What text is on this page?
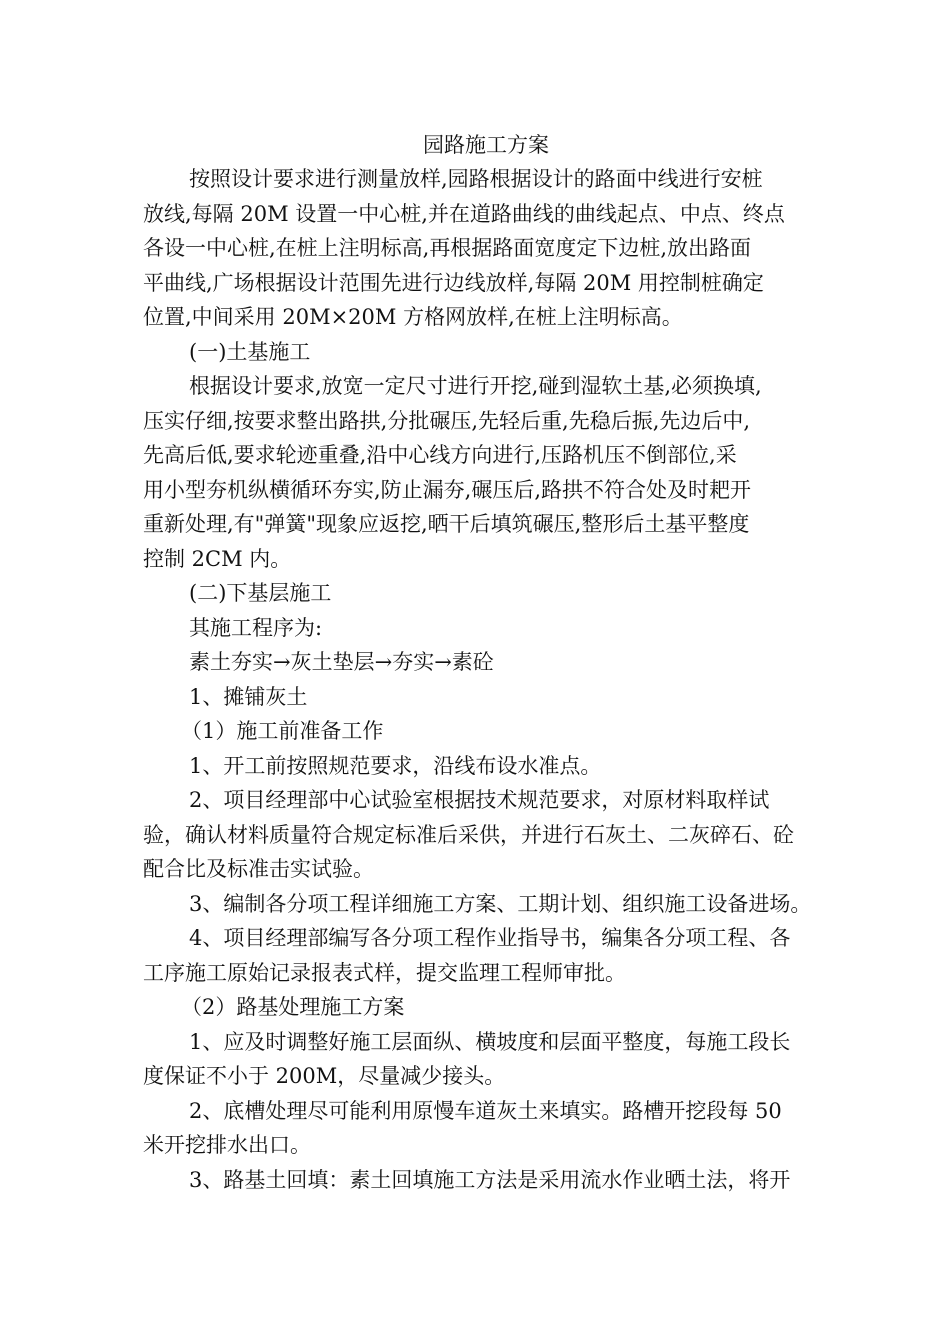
园路施工方案

按照设计要求进行测量放样,园路根据设计的路面中线进行安桩

放线,每隔 20M 设置一中心桩,并在道路曲线的曲线起点、中点、终点

各设一中心桩,在桩上注明标高,再根据路面宽度定下边桩,放出路面

平曲线,广场根据设计范围先进行边线放样,每隔 20M 用控制桩确定

位置,中间采用 20M×20M 方格网放样,在桩上注明标高。

(一)土基施工

根据设计要求,放宽一定尺寸进行开挖,碰到湿软土基,必须换填,

压实仔细,按要求整出路拱,分批碾压,先轻后重,先稳后振,先边后中,

先高后低,要求轮迹重叠,沿中心线方向进行,压路机压不倒部位,采

用小型夯机纵横循环夯实,防止漏夯,碾压后,路拱不符合处及时耙开

重新处理,有"弹簧"现象应返挖,晒干后填筑碾压,整形后土基平整度

控制 2CM 内。

(二)下基层施工

其施工程序为:

素土夯实→灰土垫层→夯实→素砼

1、摊铺灰土

（1）施工前准备工作

1、开工前按照规范要求，沿线布设水准点。

2、项目经理部中心试验室根据技术规范要求，对原材料取样试

验，确认材料质量符合规定标准后采供，并进行石灰土、二灰碎石、砼

配合比及标准击实试验。

3、编制各分项工程详细施工方案、工期计划、组织施工设备进场。

4、项目经理部编写各分项工程作业指导书，编集各分项工程、各

工序施工原始记录报表式样，提交监理工程师审批。

（2）路基处理施工方案

1、应及时调整好施工层面纵、横坡度和层面平整度，每施工段长

度保证不小于 200M，尽量减少接头。

2、底槽处理尽可能利用原慢车道灰土来填实。路槽开挖段每 50

米开挖排水出口。

3、路基土回填：素土回填施工方法是采用流水作业晒土法，将开
